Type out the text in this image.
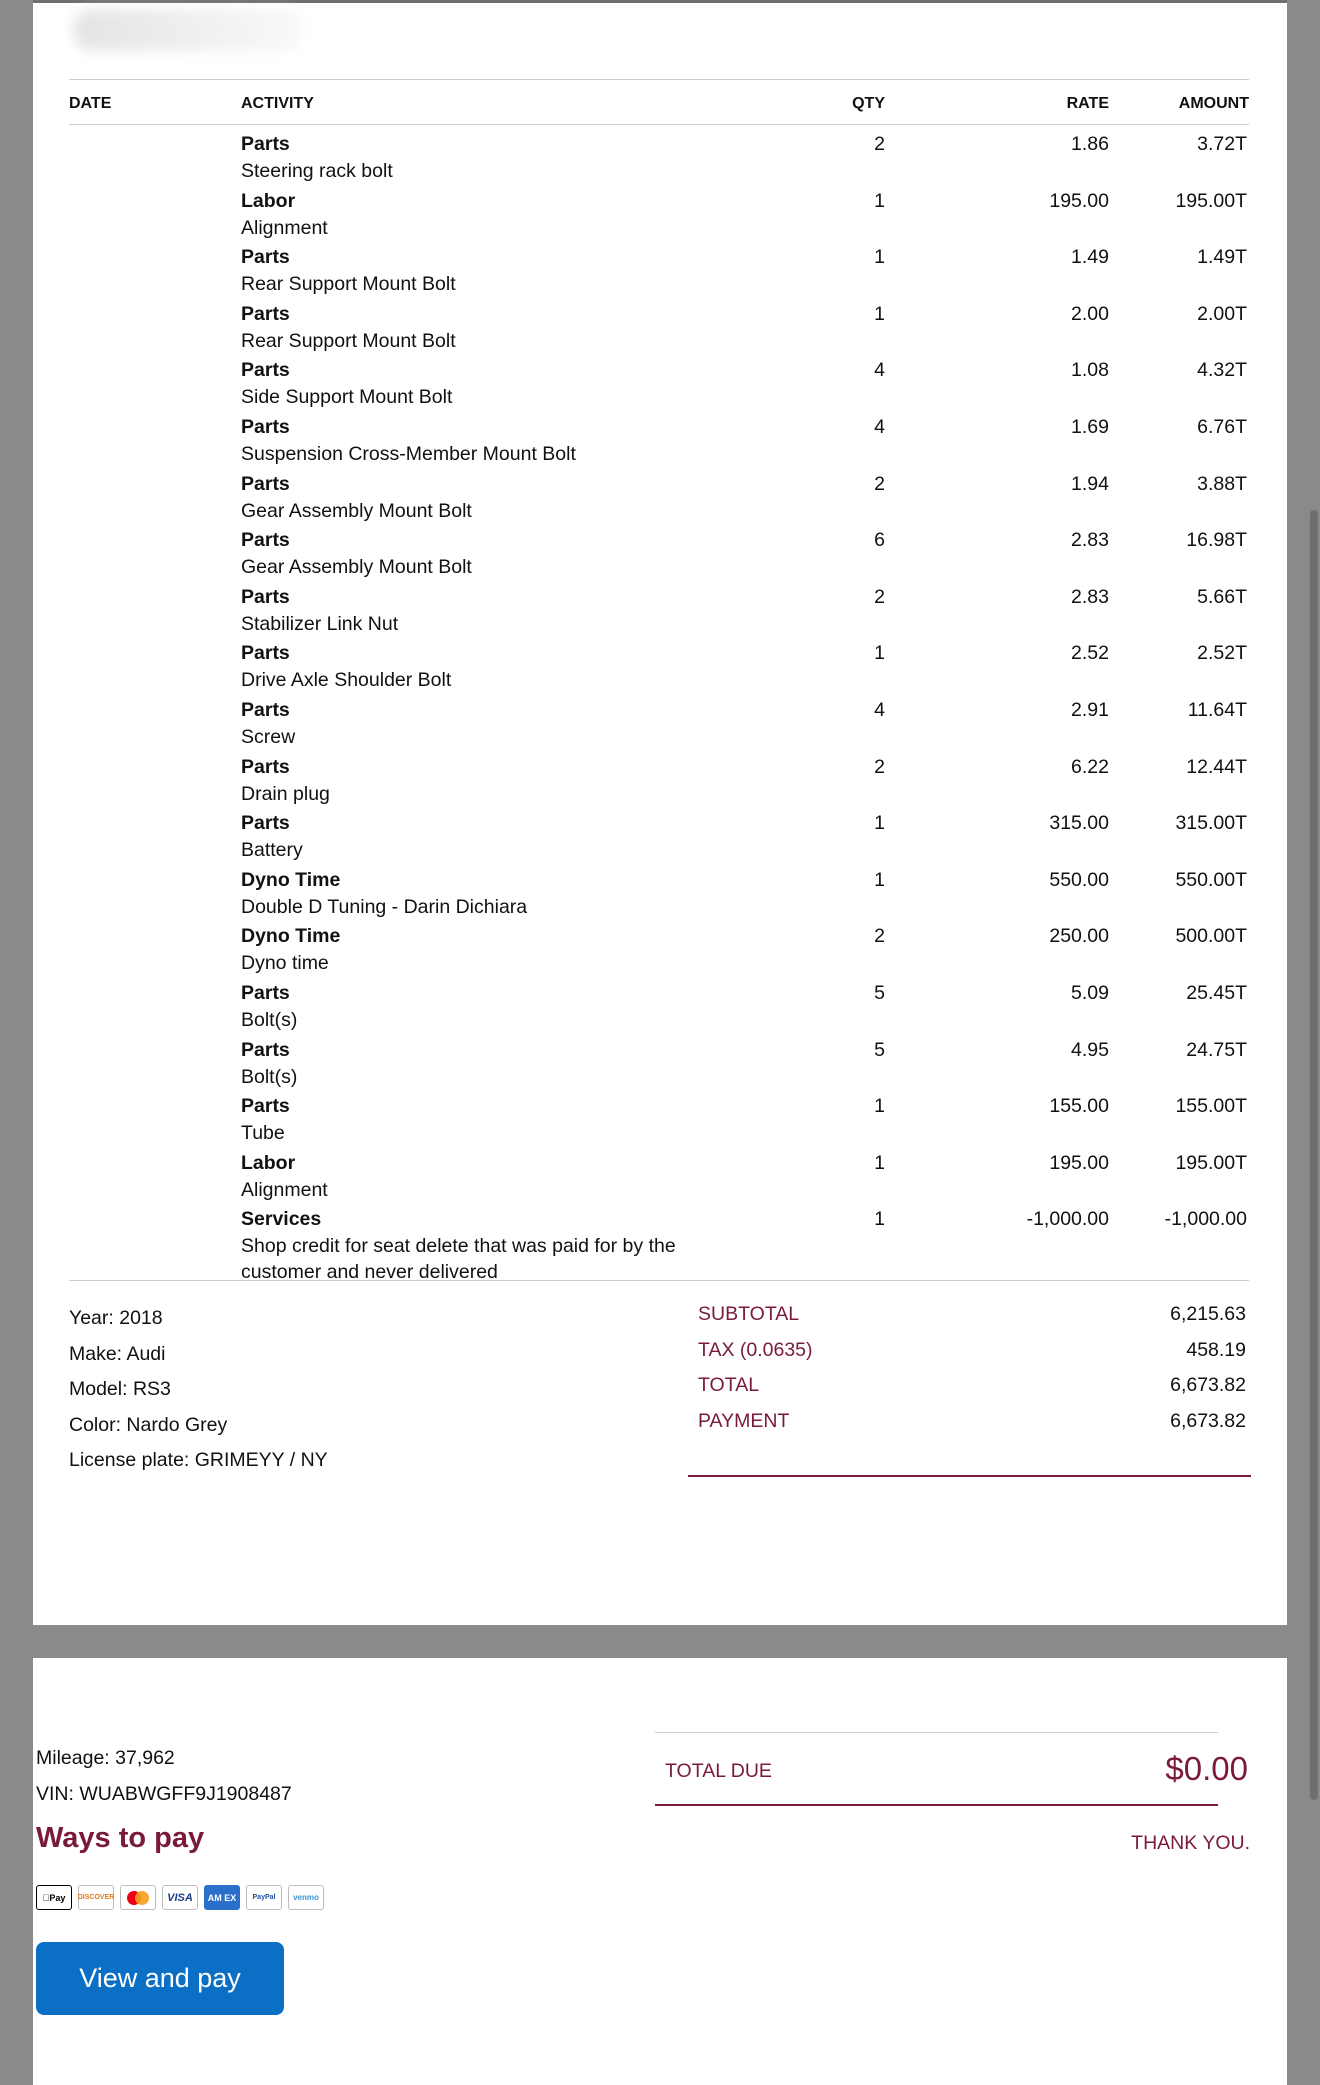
DATE	ACTIVITY	QTY	RATE	AMOUNT
Parts
Steering rack bolt
2	1.86	3.72T
Labor
Alignment
1	195.00	195.00T
Parts
Rear Support Mount Bolt
1	1.49	1.49T
Parts
Rear Support Mount Bolt
1	2.00	2.00T
Parts
Side Support Mount Bolt
4	1.08	4.32T
Parts
Suspension Cross-Member Mount Bolt
4	1.69	6.76T
Parts
Gear Assembly Mount Bolt
2	1.94	3.88T
Parts
Gear Assembly Mount Bolt
6	2.83	16.98T
Parts
Stabilizer Link Nut
2	2.83	5.66T
Parts
Drive Axle Shoulder Bolt
1	2.52	2.52T
Parts
Screw
4	2.91	11.64T
Parts
Drain plug
2	6.22	12.44T
Parts
Battery
1	315.00	315.00T
Dyno Time
Double D Tuning - Darin Dichiara
1	550.00	550.00T
Dyno Time
Dyno time
2	250.00	500.00T
Parts
Bolt(s)
5	5.09	25.45T
Parts
Bolt(s)
5	4.95	24.75T
Parts
Tube
1	155.00	155.00T
Labor
Alignment
1	195.00	195.00T
Services
Shop credit for seat delete that was paid for by the customer and never delivered
1	-1,000.00	-1,000.00
Year: 2018
Make: Audi
Model: RS3
Color: Nardo Grey
License plate: GRIMEYY / NY
SUBTOTAL	6,215.63
TAX (0.0635)	458.19
TOTAL	6,673.82
PAYMENT	6,673.82
Mileage: 37,962
VIN: WUABWGFF9J1908487
Ways to pay
Pay	DISCOVER	VISA	AM EX	PayPal	venmo
View and pay
TOTAL DUE	$0.00
THANK YOU.
